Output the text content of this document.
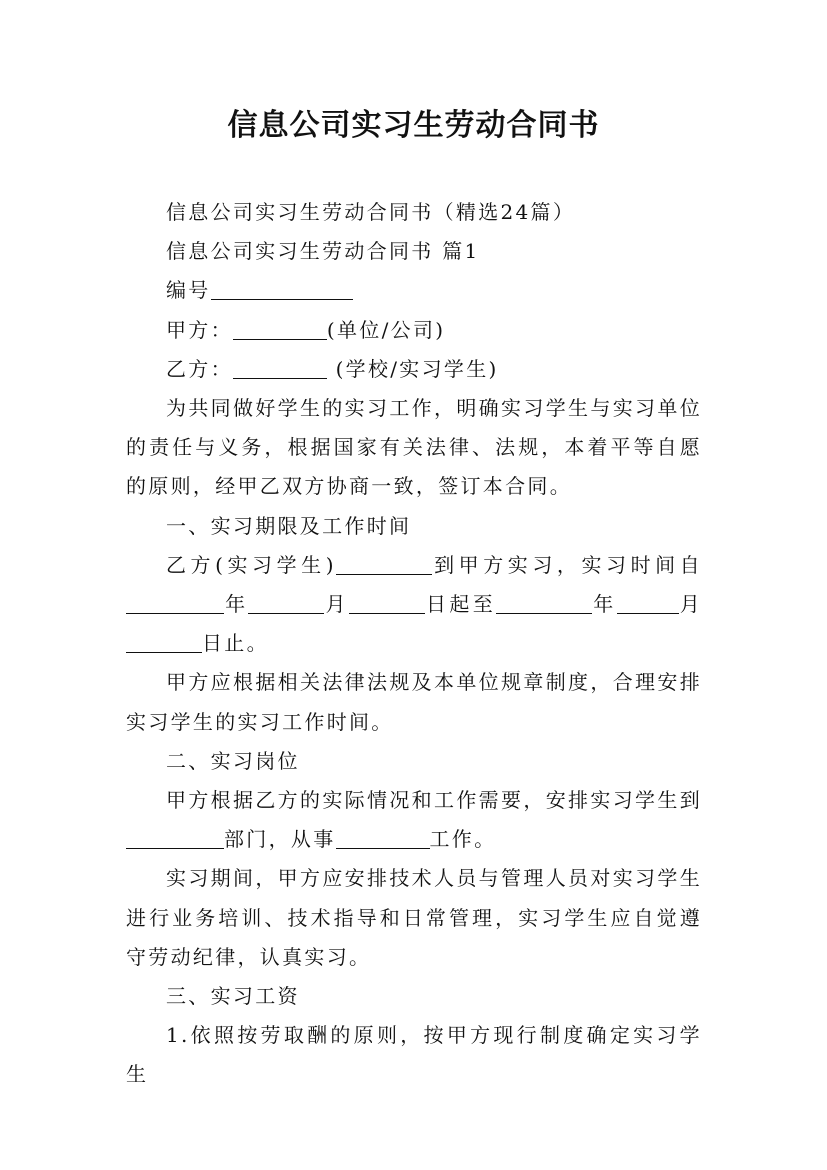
信息公司实习生劳动合同书

信息公司实习生劳动合同书（精选24篇）

信息公司实习生劳动合同书 篇1

编号

甲方：	(单位/公司)

乙方：	(学校/实习学生)

为共同做好学生的实习工作，明确实习学生与实习单位的责任与义务，根据国家有关法律、法规，本着平等自愿的原则，经甲乙双方协商一致，签订本合同。

一、实习期限及工作时间

乙方(实习学生)	到甲方实习，实习时间自年	月	日起至	年	月日止。

甲方应根据相关法律法规及本单位规章制度，合理安排实习学生的实习工作时间。

二、实习岗位

甲方根据乙方的实际情况和工作需要，安排实习学生到部门，从事	工作。

实习期间，甲方应安排技术人员与管理人员对实习学生进行业务培训、技术指导和日常管理，实习学生应自觉遵守劳动纪律，认真实习。

三、实习工资

1.依照按劳取酬的原则，按甲方现行制度确定实习学生
